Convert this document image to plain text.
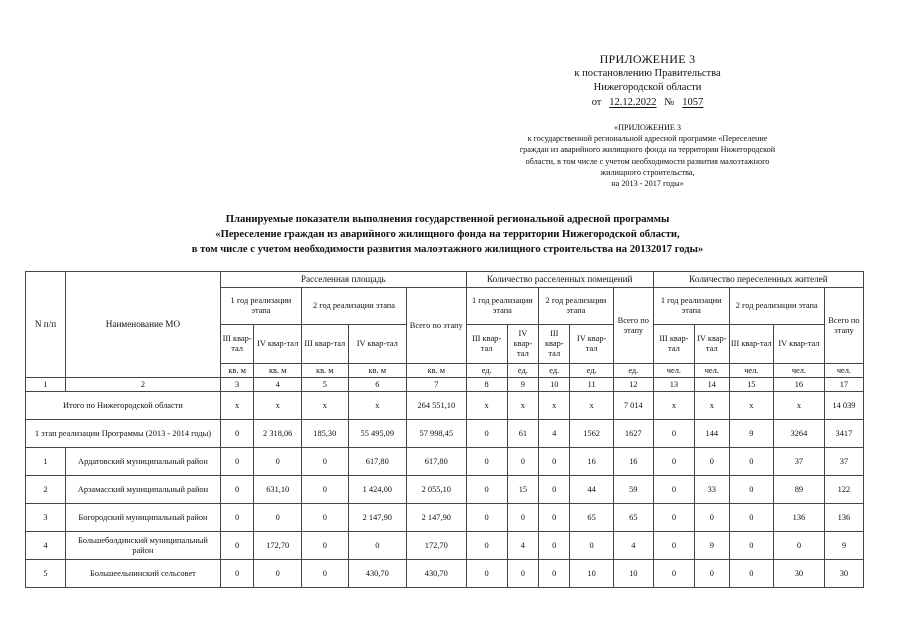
ПРИЛОЖЕНИЕ 3
к постановлению Правительства
Нижегородской области
от 12.12.2022 № 1057
«ПРИЛОЖЕНИЕ 3
к государственной региональной адресной программе «Переселение
граждан из аварийного жилищного фонда на территории Нижегородской
области, в том числе с учетом необходимости развития малоэтажного
жилищного строительства,
на 2013 - 2017 годы»
Планируемые показатели выполнения государственной региональной адресной программы
«Переселение граждан из аварийного жилищного фонда на территории Нижегородской области,
в том числе с учетом необходимости развития малоэтажного жилищного строительства на 20132017 годы»
N п/п	Наименование МО	Расселенная площадь					Количество расселенных помещений					Количество переселенных жителей				
		1 год реализации этапа		2 год реализации этапа		Всего по этапу	1 год реализации этапа		2 год реализации этапа		Всего по этапу	1 год реализации этапа		2 год реализации этапа		Всего по этапу
		III квар-тал	IV квар-тал	III квар-тал	IV квар-тал		III квар-тал	IV квар-тал	III квар-тал	IV квар-тал		III квар-тал	IV квар-тал	III квар-тал	IV квар-тал	
		кв. м	кв. м	кв. м	кв. м	кв. м	ед.	ед.	ед.	ед.	ед.	чел.	чел.	чел.	чел.	чел.
1	2	3	4	5	6	7	8	9	10	11	12	13	14	15	16	17
Итого по Нижегородской области		x	x	x	x	264 551,10	x	x	x	x	7 014	x	x	x	x	14 039
1 этап реализации Программы (2013 - 2014 годы)		0	2 318,06	185,30	55 495,09	57 998,45	0	61	4	1562	1627	0	144	9	3264	3417
1	Ардатовский муниципальный район	0	0	0	617,80	617,80	0	0	0	16	16	0	0	0	37	37
2	Арзамасский муниципальный район	0	631,10	0	1 424,00	2 055,10	0	15	0	44	59	0	33	0	89	122
3	Богородский муниципальный район	0	0	0	2 147,90	2 147,90	0	0	0	65	65	0	0	0	136	136
4	Большеболдинский муниципальный район	0	172,70	0	0	172,70	0	4	0	0	4	0	9	0	0	9
5	Большеельнинский сельсовет	0	0	0	430,70	430,70	0	0	0	10	10	0	0	0	30	30
